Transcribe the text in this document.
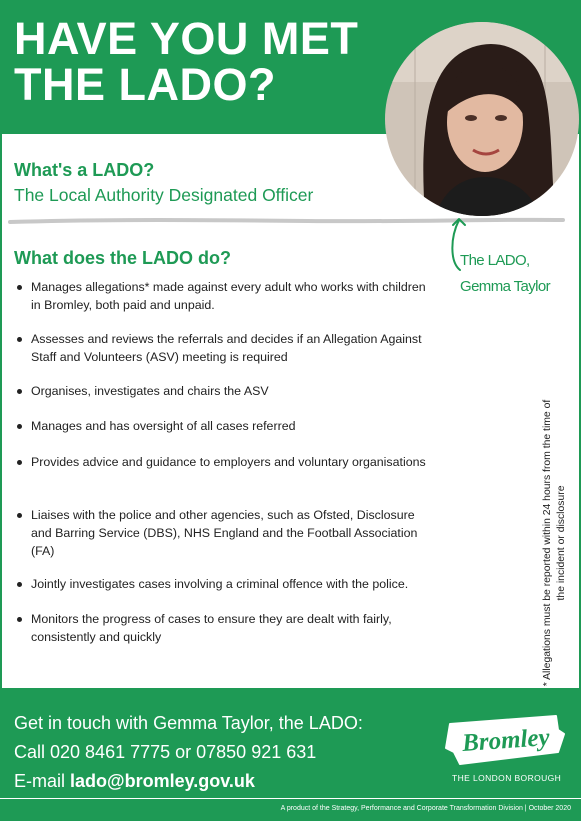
HAVE YOU MET
THE LADO?
What's a LADO?
The Local Authority Designated Officer
The LADO,
Gemma Taylor
What does the LADO do?
Manages allegations* made against every adult who works with children in Bromley, both paid and unpaid.
Assesses and reviews the referrals and decides if an Allegation Against Staff and Volunteers (ASV) meeting is required
Organises, investigates and chairs the ASV
Manages and has oversight of all cases referred
Provides advice and guidance to employers and voluntary organisations
Liaises with the police and other agencies, such as Ofsted, Disclosure and Barring Service (DBS), NHS England and the Football Association (FA)
Jointly investigates cases involving a criminal offence with the police.
Monitors the progress of cases to ensure they are dealt with fairly, consistently and quickly	* Allegations must be reported within 24 hours from the time of the incident or disclosure
Get in touch with Gemma Taylor, the LADO:
Call 020 8461 7775 or 07850 921 631
E-mail lado@bromley.gov.uk
Bromley
THE LONDON BOROUGH
A product of the Strategy, Performance and Corporate Transformation Division | October 2020
